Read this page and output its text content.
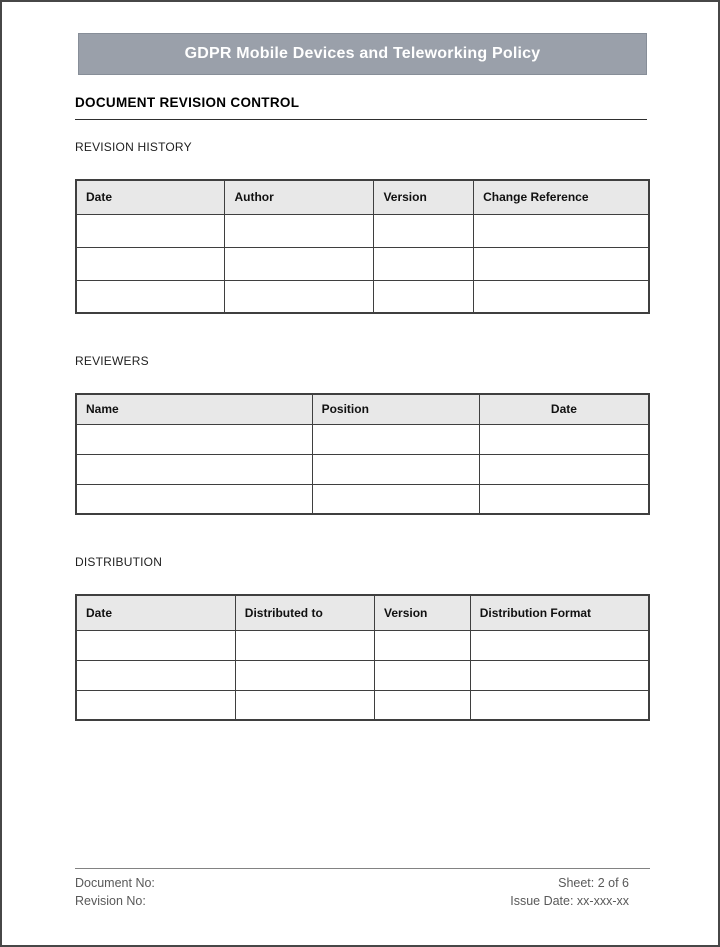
GDPR Mobile Devices and Teleworking Policy
DOCUMENT REVISION CONTROL
REVISION HISTORY
Date	Author	Version	Change Reference

REVIEWERS
Name	Position	Date

DISTRIBUTION
Date	Distributed to	Version	Distribution Format

Document No:
Revision No:
Sheet: 2 of 6
Issue Date: xx-xxx-xx
